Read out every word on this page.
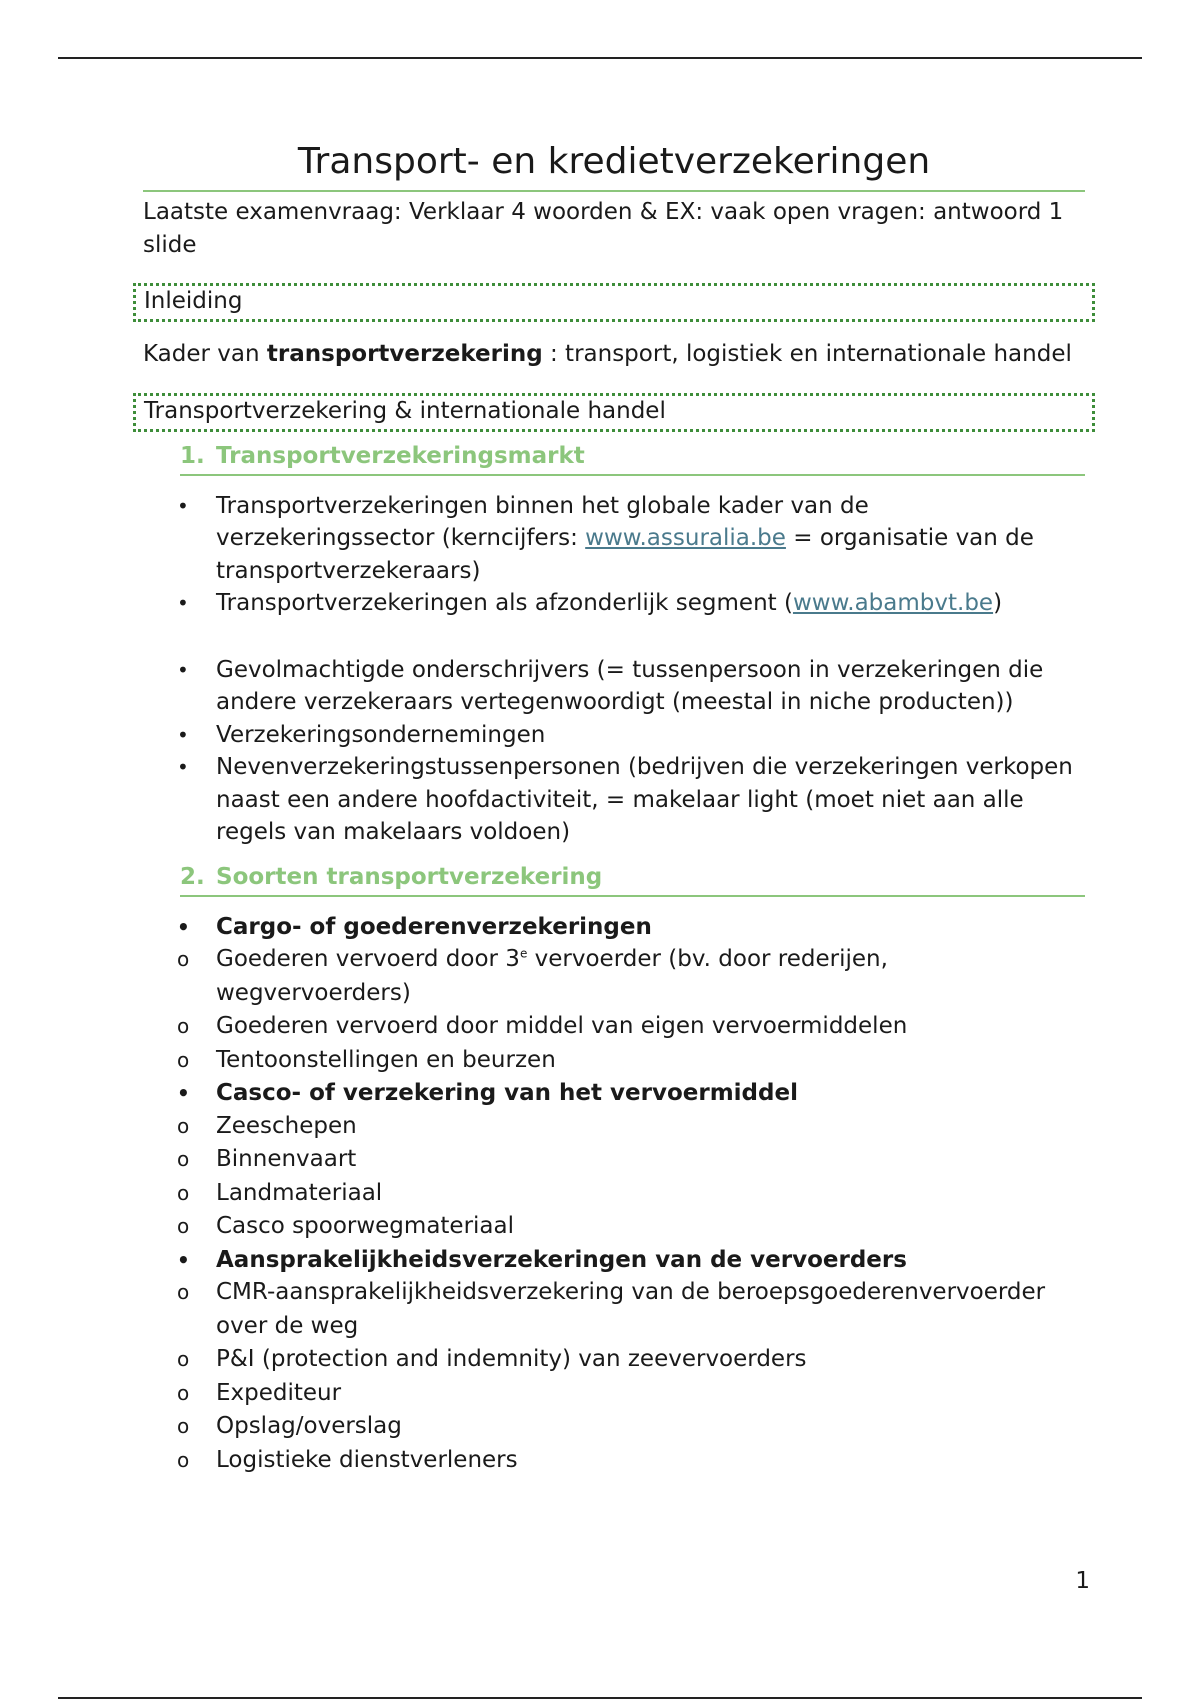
Transport- en kredietverzekeringen

Laatste examenvraag: Verklaar 4 woorden & EX: vaak open vragen: antwoord 1 slide

Inleiding

Kader van transportverzekering : transport, logistiek en internationale handel

Transportverzekering & internationale handel
1. Transportverzekeringsmarkt
• Transportverzekeringen binnen het globale kader van de verzekeringssector (kerncijfers: www.assuralia.be = organisatie van de transportverzekeraars)
• Transportverzekeringen als afzonderlijk segment (www.abambvt.be)
• Gevolmachtigde onderschrijvers (= tussenpersoon in verzekeringen die andere verzekeraars vertegenwoordigt (meestal in niche producten))
• Verzekeringsondernemingen
• Nevenverzekeringstussenpersonen (bedrijven die verzekeringen verkopen naast een andere hoofdactiviteit, = makelaar light (moet niet aan alle regels van makelaars voldoen)
2. Soorten transportverzekering
• Cargo- of goederenverzekeringen
o Goederen vervoerd door 3e vervoerder (bv. door rederijen, wegvervoerders)
o Goederen vervoerd door middel van eigen vervoermiddelen
o Tentoonstellingen en beurzen
• Casco- of verzekering van het vervoermiddel
o Zeeschepen
o Binnenvaart
o Landmateriaal
o Casco spoorwegmateriaal
• Aansprakelijkheidsverzekeringen van de vervoerders
o CMR-aansprakelijkheidsverzekering van de beroepsgoederenvervoerder over de weg
o P&I (protection and indemnity) van zeevervoerders
o Expediteur
o Opslag/overslag
o Logistieke dienstverleners
1
